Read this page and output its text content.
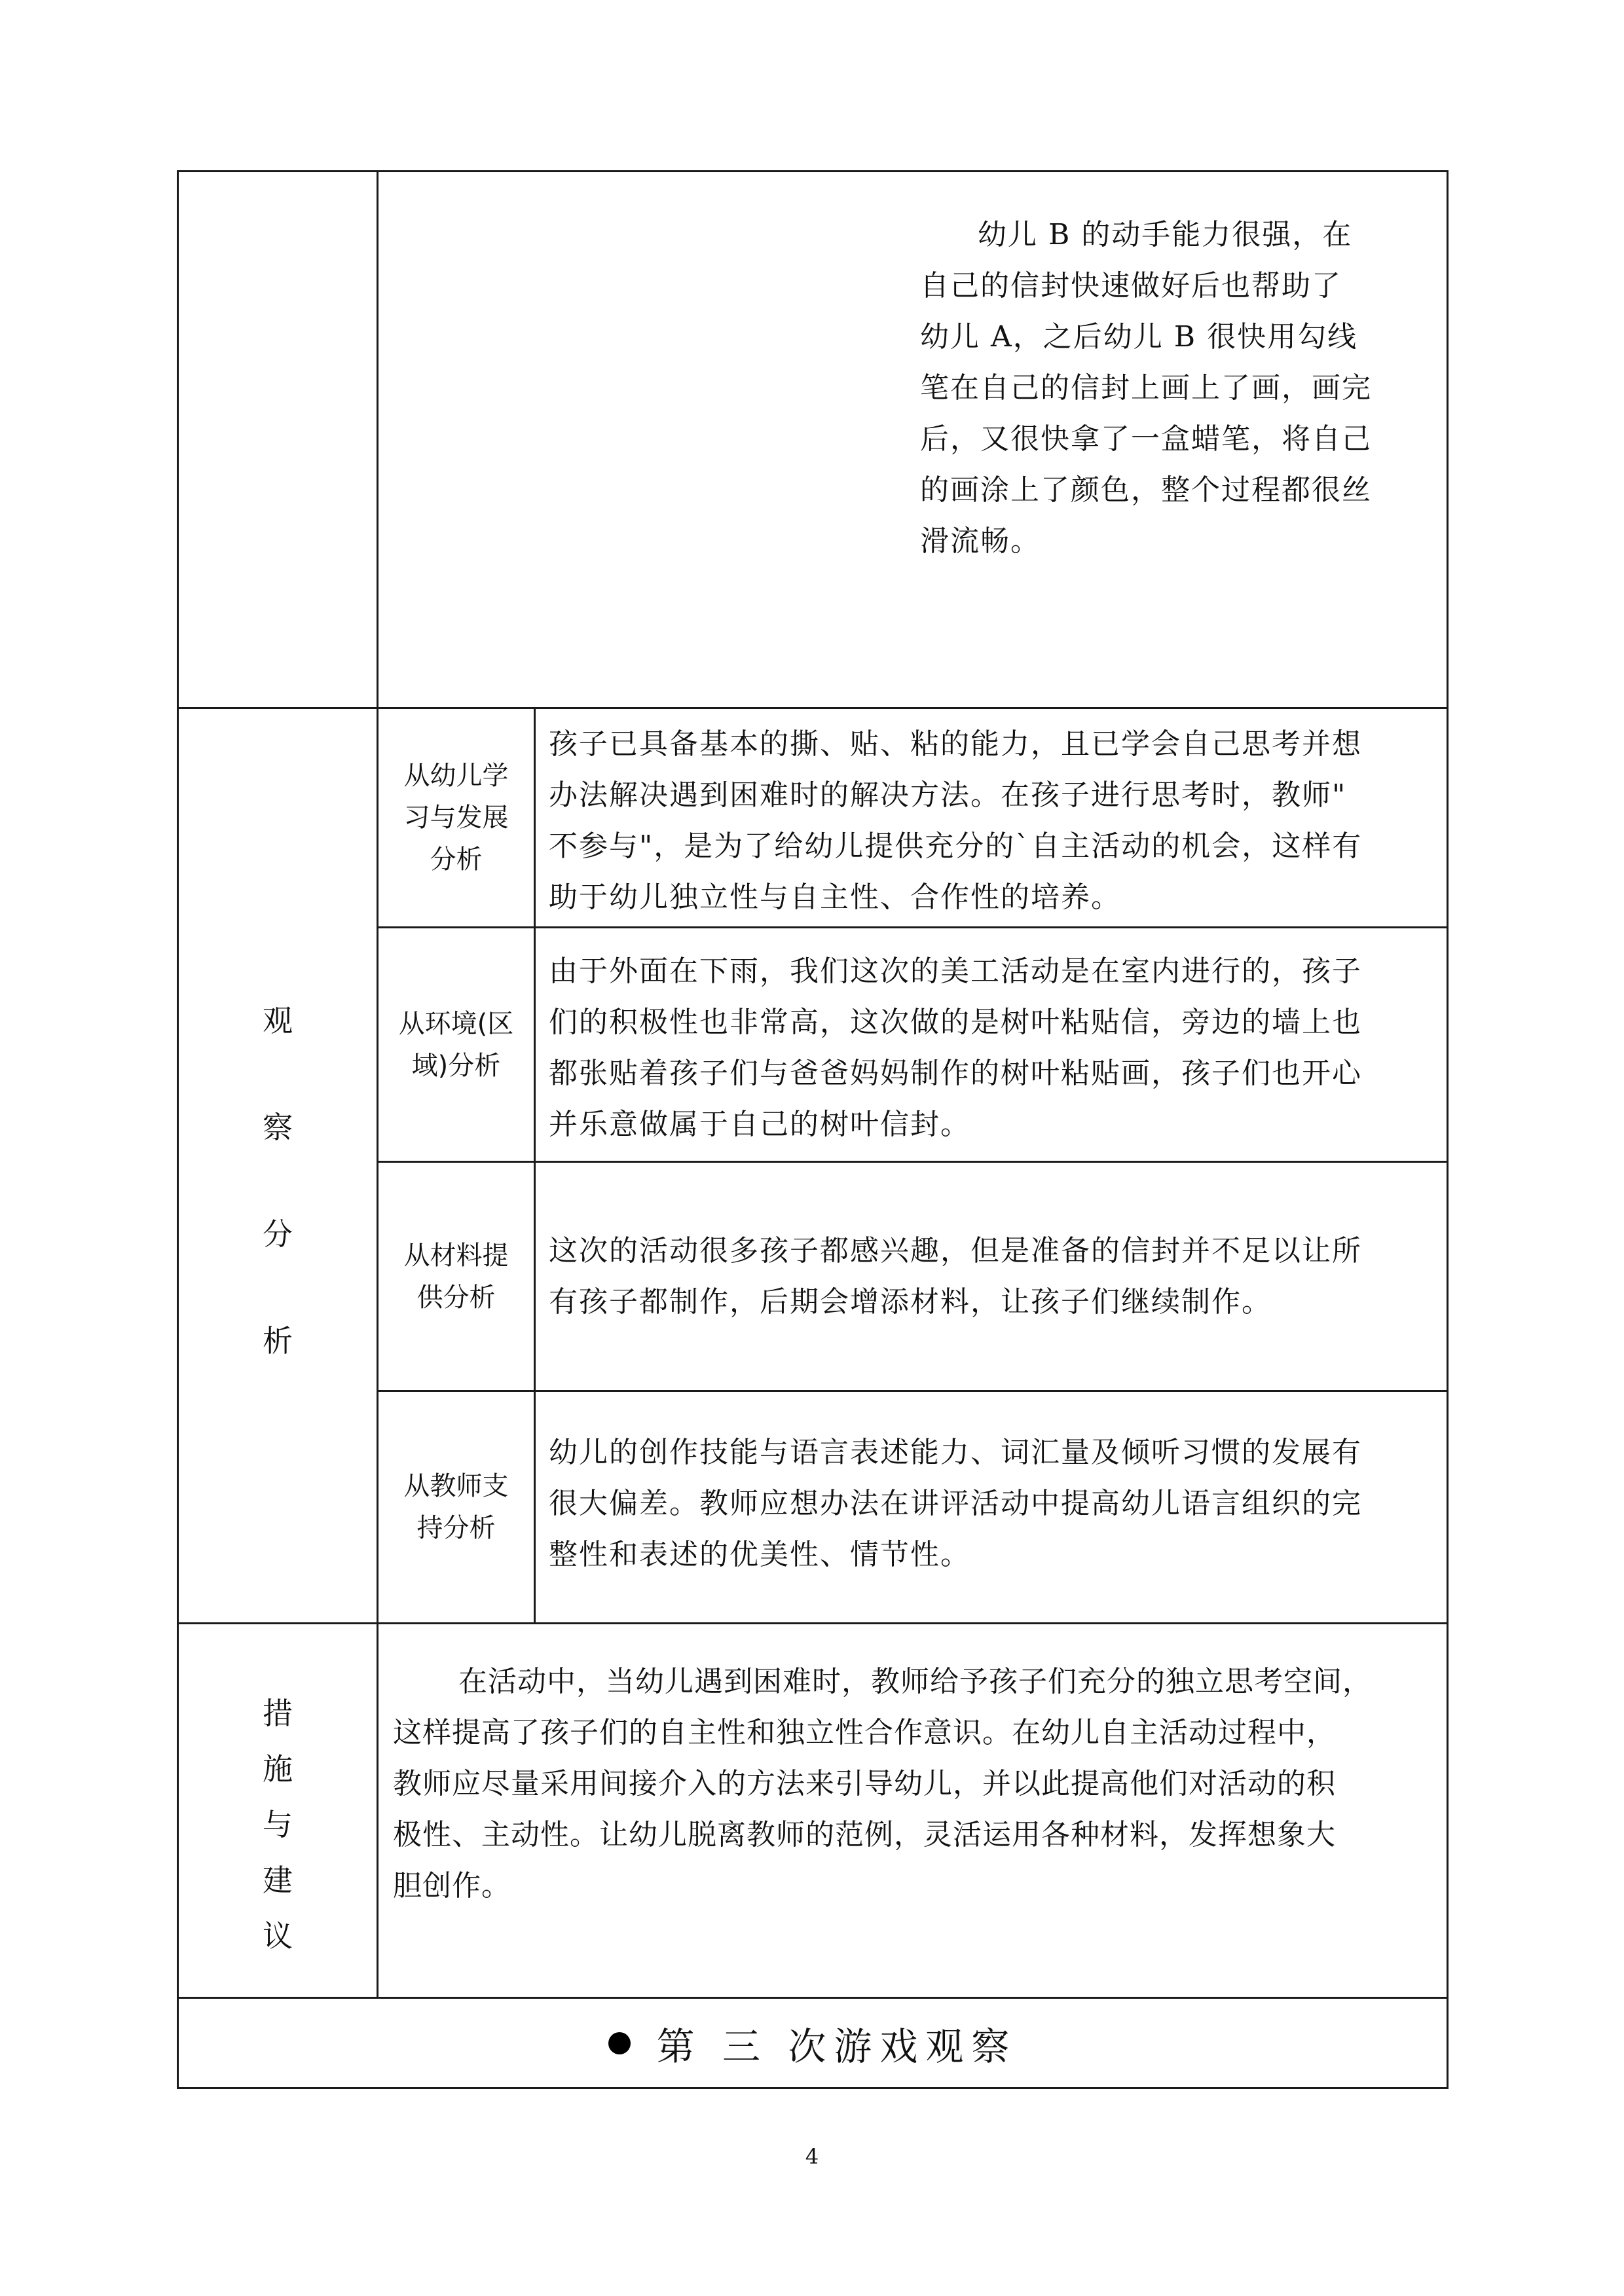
幼儿 B 的动手能力很强，在
自己的信封快速做好后也帮助了
幼儿 A，之后幼儿 B 很快用勾线
笔在自己的信封上画上了画，画完
后，又很快拿了一盒蜡笔，将自己
的画涂上了颜色，整个过程都很丝
滑流畅。

观
察
分
析

从幼儿学
习与发展
分析

孩子已具备基本的撕、贴、粘的能力，且已学会自己思考并想
办法解决遇到困难时的解决方法。在孩子进行思考时，教师"
不参与"，是为了给幼儿提供充分的`自主活动的机会，这样有
助于幼儿独立性与自主性、合作性的培养。

从环境(区
域)分析

由于外面在下雨，我们这次的美工活动是在室内进行的，孩子
们的积极性也非常高，这次做的是树叶粘贴信，旁边的墙上也
都张贴着孩子们与爸爸妈妈制作的树叶粘贴画，孩子们也开心
并乐意做属于自己的树叶信封。

从材料提
供分析

这次的活动很多孩子都感兴趣，但是准备的信封并不足以让所
有孩子都制作，后期会增添材料，让孩子们继续制作。

从教师支
持分析

幼儿的创作技能与语言表述能力、词汇量及倾听习惯的发展有
很大偏差。教师应想办法在讲评活动中提高幼儿语言组织的完
整性和表述的优美性、情节性。

措
施
与
建
议

在活动中，当幼儿遇到困难时，教师给予孩子们充分的独立思考空间，
这样提高了孩子们的自主性和独立性合作意识。在幼儿自主活动过程中，
教师应尽量采用间接介入的方法来引导幼儿，并以此提高他们对活动的积
极性、主动性。让幼儿脱离教师的范例，灵活运用各种材料，发挥想象大
胆创作。

第 三 次游戏观察
4
